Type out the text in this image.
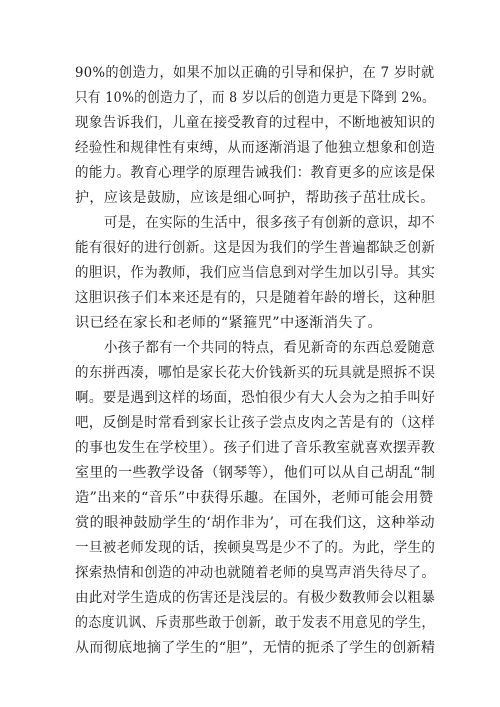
90%的创造力，如果不加以正确的引导和保护，在 7 岁时就
只有 10%的创造力了，而 8 岁以后的创造力更是下降到 2%。
现象告诉我们，儿童在接受教育的过程中，不断地被知识的
经验性和规律性有束缚，从而逐渐消退了他独立想象和创造
的能力。教育心理学的原理告诫我们：教育更多的应该是保
护，应该是鼓励，应该是细心呵护，帮助孩子茁壮成长。
可是，在实际的生活中，很多孩子有创新的意识，却不
能有很好的进行创新。这是因为我们的学生普遍都缺乏创新
的胆识，作为教师，我们应当信息到对学生加以引导。其实
这胆识孩子们本来还是有的，只是随着年龄的增长，这种胆
识已经在家长和老师的“紧箍咒”中逐渐消失了。
小孩子都有一个共同的特点，看见新奇的东西总爱随意
的东拼西凑，哪怕是家长花大价钱新买的玩具就是照拆不误
啊。要是遇到这样的场面，恐怕很少有大人会为之拍手叫好
吧，反倒是时常看到家长让孩子尝点皮肉之苦是有的（这样
的事也发生在学校里）。孩子们进了音乐教室就喜欢摆弄教
室里的一些教学设备（钢琴等），他们可以从自己胡乱“制
造”出来的“音乐”中获得乐趣。在国外，老师可能会用赞
赏的眼神鼓励学生的‘胡作非为’，可在我们这，这种举动
一旦被老师发现的话，挨顿臭骂是少不了的。为此，学生的
探索热情和创造的冲动也就随着老师的臭骂声消失待尽了。
由此对学生造成的伤害还是浅层的。有极少数教师会以粗暴
的态度讥讽、斥责那些敢于创新，敢于发表不用意见的学生，
从而彻底地摘了学生的“胆”，无情的扼杀了学生的创新精
